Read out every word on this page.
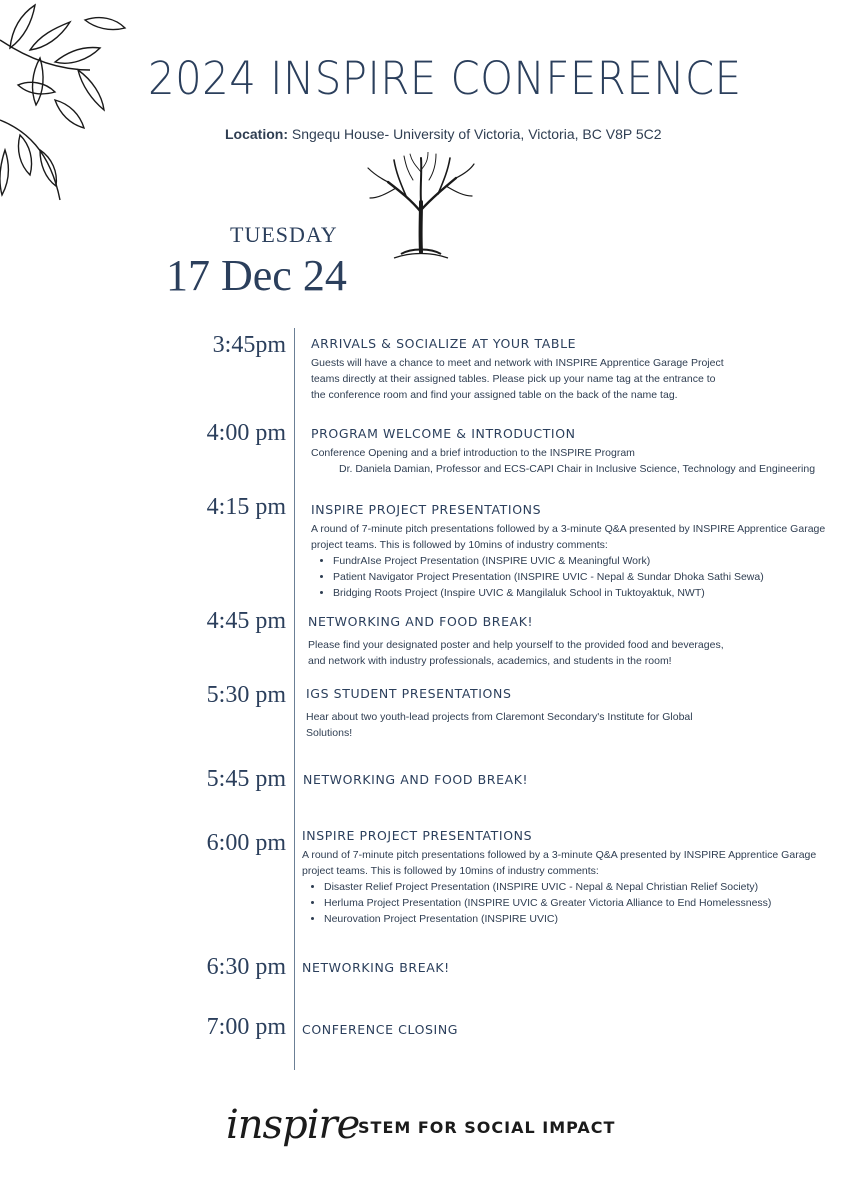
2024 INSPIRE CONFERENCE
Location: Sngequ House- University of Victoria, Victoria, BC V8P 5C2
TUESDAY
17 Dec 24
3:45pm ARRIVALS & SOCIALIZE AT YOUR TABLE
Guests will have a chance to meet and network with INSPIRE Apprentice Garage Project
teams directly at their assigned tables. Please pick up your name tag at the entrance to
the conference room and find your assigned table on the back of the name tag.
4:00 pm PROGRAM WELCOME & INTRODUCTION
Conference Opening and a brief introduction to the INSPIRE Program
Dr. Daniela Damian, Professor and ECS-CAPI Chair in Inclusive Science, Technology and Engineering
4:15 pm INSPIRE PROJECT PRESENTATIONS
A round of 7-minute pitch presentations followed by a 3-minute Q&A presented by INSPIRE Apprentice Garage
project teams. This is followed by 10mins of industry comments:
• FundrAIse Project Presentation (INSPIRE UVIC & Meaningful Work)
• Patient Navigator Project Presentation (INSPIRE UVIC - Nepal & Sundar Dhoka Sathi Sewa)
• Bridging Roots Project (Inspire UVIC & Mangilaluk School in Tuktoyaktuk, NWT)
4:45 pm NETWORKING AND FOOD BREAK!
Please find your designated poster and help yourself to the provided food and beverages,
and network with industry professionals, academics, and students in the room!
5:30 pm IGS STUDENT PRESENTATIONS
Hear about two youth-lead projects from Claremont Secondary's Institute for Global
Solutions!
5:45 pm NETWORKING AND FOOD BREAK!
6:00 pm INSPIRE PROJECT PRESENTATIONS
A round of 7-minute pitch presentations followed by a 3-minute Q&A presented by INSPIRE Apprentice Garage
project teams. This is followed by 10mins of industry comments:
• Disaster Relief Project Presentation (INSPIRE UVIC - Nepal & Nepal Christian Relief Society)
• Herluma Project Presentation (INSPIRE UVIC & Greater Victoria Alliance to End Homelessness)
• Neurovation Project Presentation (INSPIRE UVIC)
6:30 pm NETWORKING BREAK!
7:00 pm CONFERENCE CLOSING
inspire
STEM FOR SOCIAL IMPACT
